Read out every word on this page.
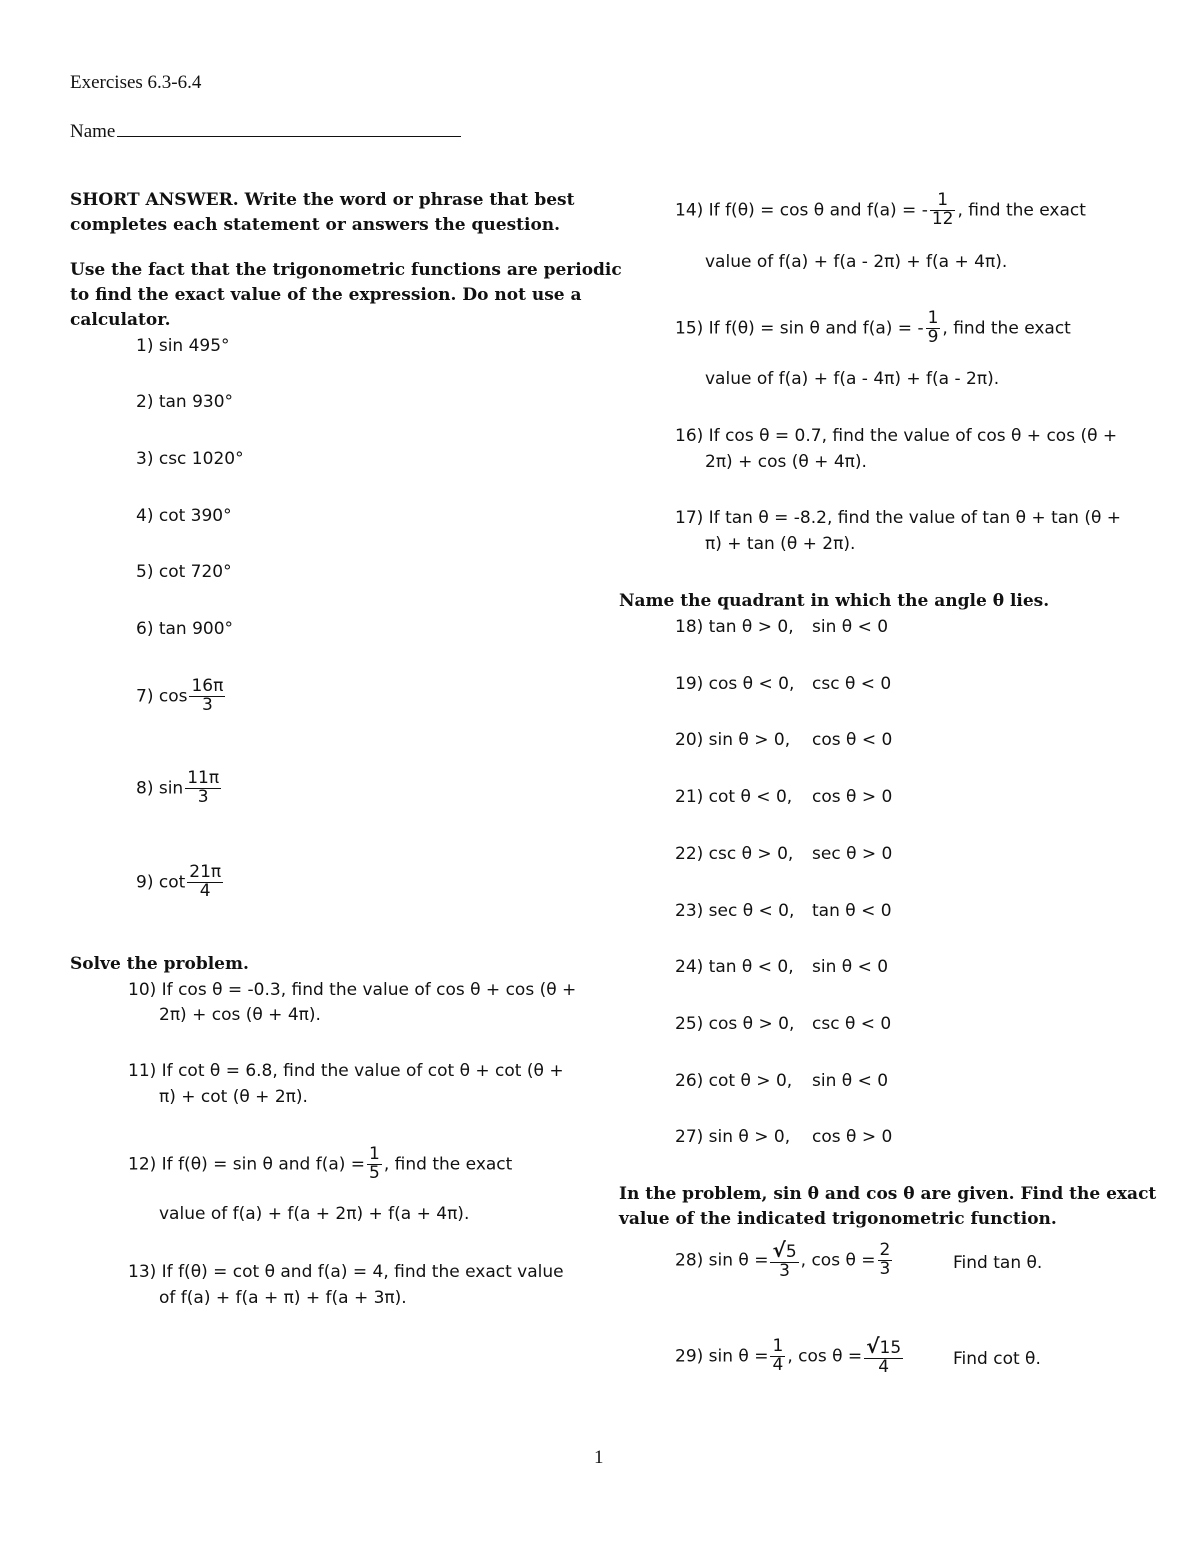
Exercises 6.3-6.4
Name
SHORT ANSWER. Write the word or phrase that best
completes each statement or answers the question.
Use the fact that the trigonometric functions are periodic
to find the exact value of the expression. Do not use a
calculator.
1) sin 495°
2) tan 930°
3) csc 1020°
4) cot 390°
5) cot 720°
6) tan 900°
7) $\cos \frac{16\pi}{3}$
8) $\sin \frac{11\pi}{3}$
9) $\cot \frac{21\pi}{4}$
Solve the problem.
10) If cos θ = -0.3, find the value of cos θ + cos (θ +
2π) + cos (θ + 4π).
11) If cot θ = 6.8, find the value of cot θ + cot (θ +
π) + cot (θ + 2π).
12) If f(θ) = sin θ and $f(a) = \frac{1}{5}$ , find the exact
value of f(a) + f(a + 2π) + f(a + 4π).
13) If f(θ) = cot θ and f(a) = 4, find the exact value
of f(a) + f(a + π) + f(a + 3π).
14) If f(θ) = cos θ and f(a) = - $\frac{1}{12}$ , find the exact
value of f(a) + f(a - 2π) + f(a + 4π).
15) If f(θ) = sin θ and f(a) = - $\frac{1}{9}$ , find the exact
value of f(a) + f(a - 4π) + f(a - 2π).
16) If cos θ = 0.7, find the value of cos θ + cos (θ +
2π) + cos (θ + 4π).
17) If tan θ = -8.2, find the value of tan θ + tan (θ +
π) + tan (θ + 2π).
Name the quadrant in which the angle θ lies.
18) tan θ > 0, sin θ < 0
19) cos θ < 0, csc θ < 0
20) sin θ > 0, cos θ < 0
21) cot θ < 0, cos θ > 0
22) csc θ > 0, sec θ > 0
23) sec θ < 0, tan θ < 0
24) tan θ < 0, sin θ < 0
25) cos θ > 0, csc θ < 0
26) cot θ > 0, sin θ < 0
27) sin θ > 0, cos θ > 0
In the problem, sin θ and cos θ are given. Find the exact
value of the indicated trigonometric function.
28) $\sin \theta = \frac{√5}{3}$ , $\cos \theta = \frac{2}{3}$	Find tan θ.
29) $\sin \theta = \frac{1}{4}$ , $\cos \theta = \frac{√15}{4}$	Find cot θ.
1
